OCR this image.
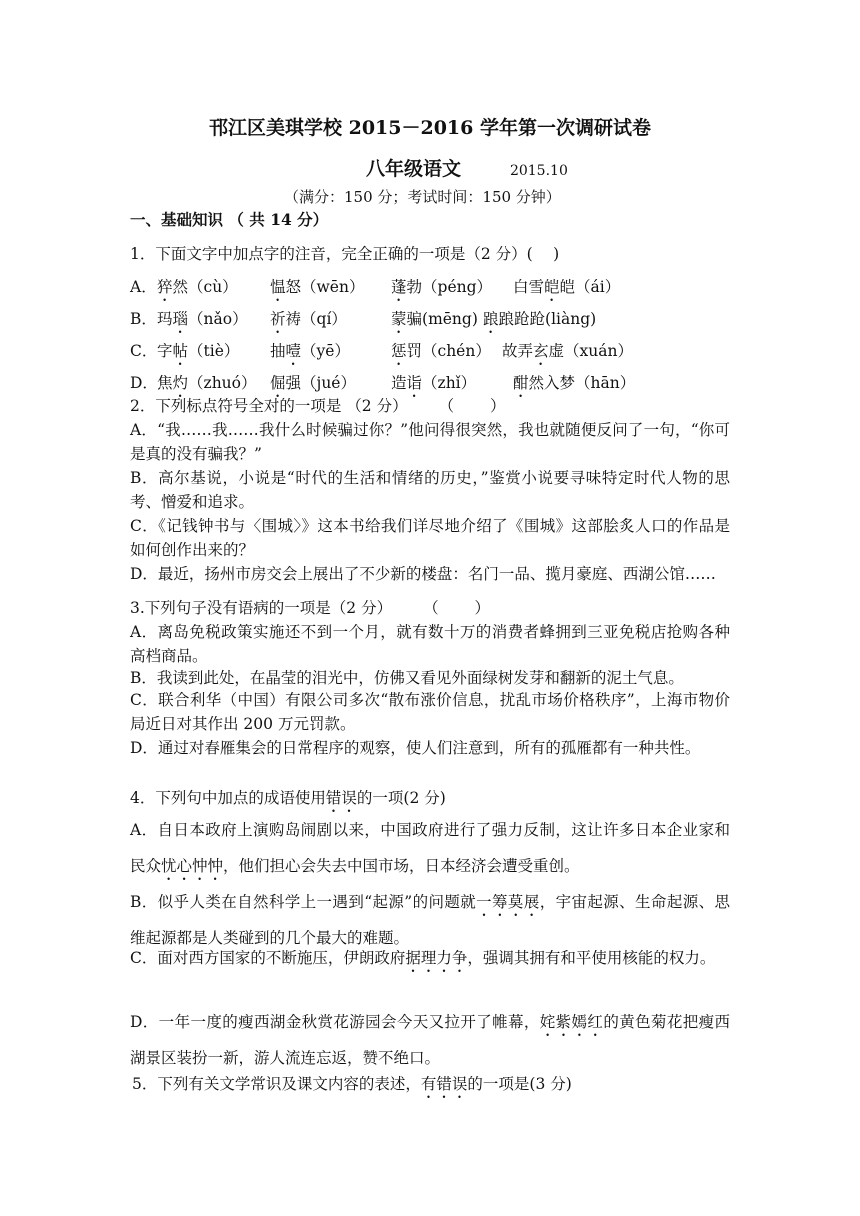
邗江区美琪学校 2015－2016 学年第一次调研试卷
八年级语文	2015.10
（满分：150 分；考试时间：150 分钟）
一、基础知识 （ 共 14 分）
1．下面文字中加点字的注音，完全正确的一项是（2 分）(　 )
A． 猝然（cù） 愠怒（wēn） 蓬勃（péng） 白雪皑皑（ái）
B． 玛瑙（nǎo） 祈祷（qí）	蒙骗(mēng) 踉踉跄跄(liàng)
C． 字帖（tiè） 抽噎（yē）	惩罚（chén） 故弄玄虚（xuán）
D． 焦灼（zhuó） 倔强（jué） 造诣（zhǐ） 酣然入梦（hān）
2．下列标点符号全对的一项是 （2 分）　　　（　　 ）
A．“我……我……我什么时候骗过你？”他问得很突然，我也就随便反问了一句，“你可是真的没有骗我？”
B．高尔基说，小说是“时代的生活和情绪的历史，”鉴赏小说要寻味特定时代人物的思考、憎爱和追求。
C．《记钱钟书与〈围城〉》这本书给我们详尽地介绍了《围城》这部脍炙人口的作品是如何创作出来的？
D．最近，扬州市房交会上展出了不少新的楼盘：名门一品、揽月豪庭、西湖公馆……
3.下列句子没有语病的一项是（2 分）　　　（　　 ）
A．离岛免税政策实施还不到一个月，就有数十万的消费者蜂拥到三亚免税店抢购各种高档商品。
B．我读到此处，在晶莹的泪光中，仿佛又看见外面绿树发芽和翻新的泥土气息。
C．联合利华（中国）有限公司多次“散布涨价信息，扰乱市场价格秩序”，上海市物价局近日对其作出 200 万元罚款。
D．通过对春雁集会的日常程序的观察，使人们注意到，所有的孤雁都有一种共性。
4．下列句中加点的成语使用错误的一项(2 分)
A．自日本政府上演购岛闹剧以来，中国政府进行了强力反制，这让许多日本企业家和民众忧心忡忡，他们担心会失去中国市场，日本经济会遭受重创。
B．似乎人类在自然科学上一遇到“起源”的问题就一筹莫展，宇宙起源、生命起源、思维起源都是人类碰到的几个最大的难题。
C．面对西方国家的不断施压，伊朗政府据理力争，强调其拥有和平使用核能的权力。
D．一年一度的瘦西湖金秋赏花游园会今天又拉开了帷幕，姹紫嫣红的黄色菊花把瘦西湖景区装扮一新，游人流连忘返，赞不绝口。
5．下列有关文学常识及课文内容的表述，有错误的一项是(3 分)
